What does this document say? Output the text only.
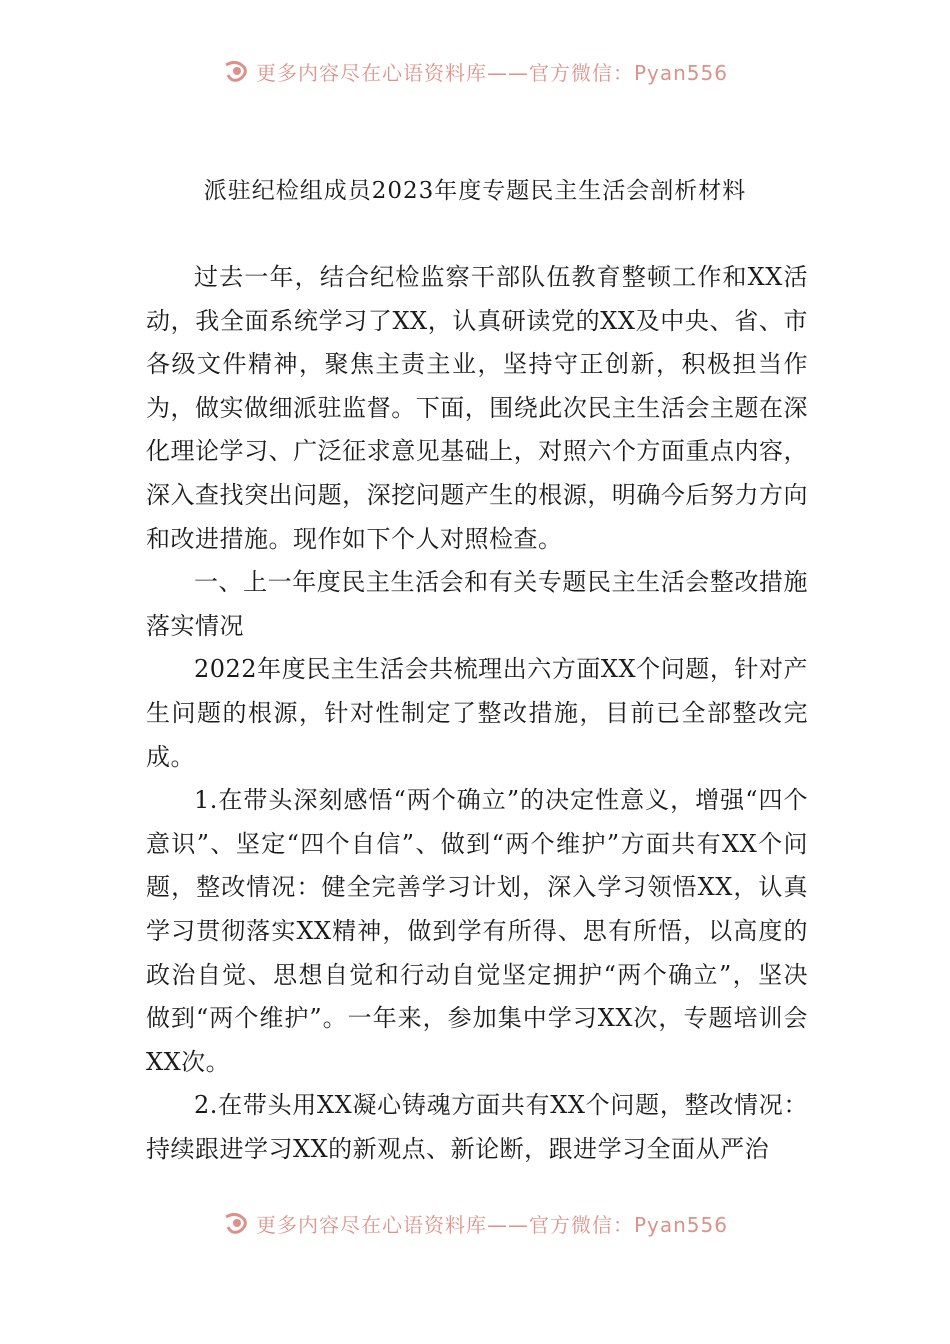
更多内容尽在心语资料库——官方微信：Pyan556
派驻纪检组成员2023年度专题民主生活会剖析材料

过去一年，结合纪检监察干部队伍教育整顿工作和XX活动，我全面系统学习了XX，认真研读党的XX及中央、省、市各级文件精神，聚焦主责主业，坚持守正创新，积极担当作为，做实做细派驻监督。下面，围绕此次民主生活会主题在深化理论学习、广泛征求意见基础上，对照六个方面重点内容，深入查找突出问题，深挖问题产生的根源，明确今后努力方向和改进措施。现作如下个人对照检查。

一、上一年度民主生活会和有关专题民主生活会整改措施落实情况

2022年度民主生活会共梳理出六方面XX个问题，针对产生问题的根源，针对性制定了整改措施，目前已全部整改完成。

1.在带头深刻感悟“两个确立”的决定性意义，增强“四个意识”、坚定“四个自信”、做到“两个维护”方面共有XX个问题，整改情况：健全完善学习计划，深入学习领悟XX，认真学习贯彻落实XX精神，做到学有所得、思有所悟，以高度的政治自觉、思想自觉和行动自觉坚定拥护“两个确立”，坚决做到“两个维护”。一年来，参加集中学习XX次，专题培训会XX次。

2.在带头用XX凝心铸魂方面共有XX个问题，整改情况：持续跟进学习XX的新观点、新论断，跟进学习全面从严治

更多内容尽在心语资料库——官方微信：Pyan556
